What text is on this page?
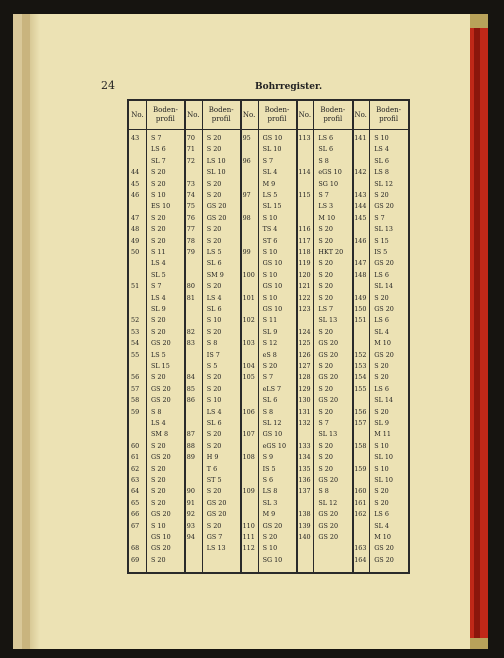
24	Bohrregister.
No.
Boden-
profil
43 S 7
LS 6
SL 7
44 S 20
45 S 20
46 S 10
ES 10
47 S 20
48 S 20
49 S 20
50 S 11
LS 4
SL 5
51 S 7
LS 4
SL 9
52 S 20
53 S 20
54 GS 20
55 LS 5
SL 15
56 S 20
57 GS 20
58 GS 20
59 S 8
LS 4
SM 8
60 S 20
61 GS 20
62 S 20
63 S 20
64 S 20
65 S 20
66 GS 20
67 S 10
GS 10
68 GS 20
69 S 20
No.
Boden-
profil
70 S 20
71 S 20
72 LS 10
SL 10
73 S 20
74 S 20
75 GS 20
76 GS 20
77 S 20
78 S 20
79 LS 5
SL 6
SM 9
80 S 20
81 LS 4
SL 6
S 10
82 S 20
83 S 8
IS 7
S 5
84 S 20
85 S 20
86 S 10
LS 4
SL 6
87 S 20
88 S 20
89 H 9
T 6
ST 5
90 S 20
91 GS 20
92 GS 20
93 S 20
94 GS 7
LS 13
No.
Boden-
profil
95 GS 10
SL 10
96 S 7
SL 4
M 9
97 LS 5
SL 15
98 S 10
TS 4
ST 6
99 S 10
GS 10
100 S 10
GS 10
101 S 10
GS 10
102 S 11
SL 9
103 S 12
eS 8
104 S 20
105 S 7
eLS 7
SL 6
106 S 8
SL 12
107 GS 10
eGS 10
108 S 9
IS 5
S 6
109 LS 8
SL 3
M 9
110 GS 20
111 S 20
112 S 10
SG 10
No.
Boden-
profil
113 LS 6
SL 6
S 8
114 eGS 10
SG 10
115 S 7
LS 3
M 10
116 S 20
117 S 20
118 HKT 20
119 S 20
120 S 20
121 S 20
122 S 20
123 LS 7
SL 13
124 S 20
125 GS 20
126 GS 20
127 S 20
128 GS 20
129 S 20
130 GS 20
131 S 20
132 S 7
SL 13
133 S 20
134 S 20
135 S 20
136 GS 20
137 S 8
SL 12
138 GS 20
139 GS 20
140 GS 20
No.
Boden-
profil
141 S 10
LS 4
SL 6
142 LS 8
SL 12
143 S 20
144 GS 20
145 S 7
SL 13
146 S 15
IS 5
147 GS 20
148 LS 6
SL 14
149 S 20
150 GS 20
151 LS 6
SL 4
M 10
152 GS 20
153 S 20
154 S 20
155 LS 6
SL 14
156 S 20
157 SL 9
M 11
158 S 10
SL 10
159 S 10
SL 10
160 S 20
161 S 20
162 LS 6
SL 4
M 10
163 GS 20
164 GS 20
